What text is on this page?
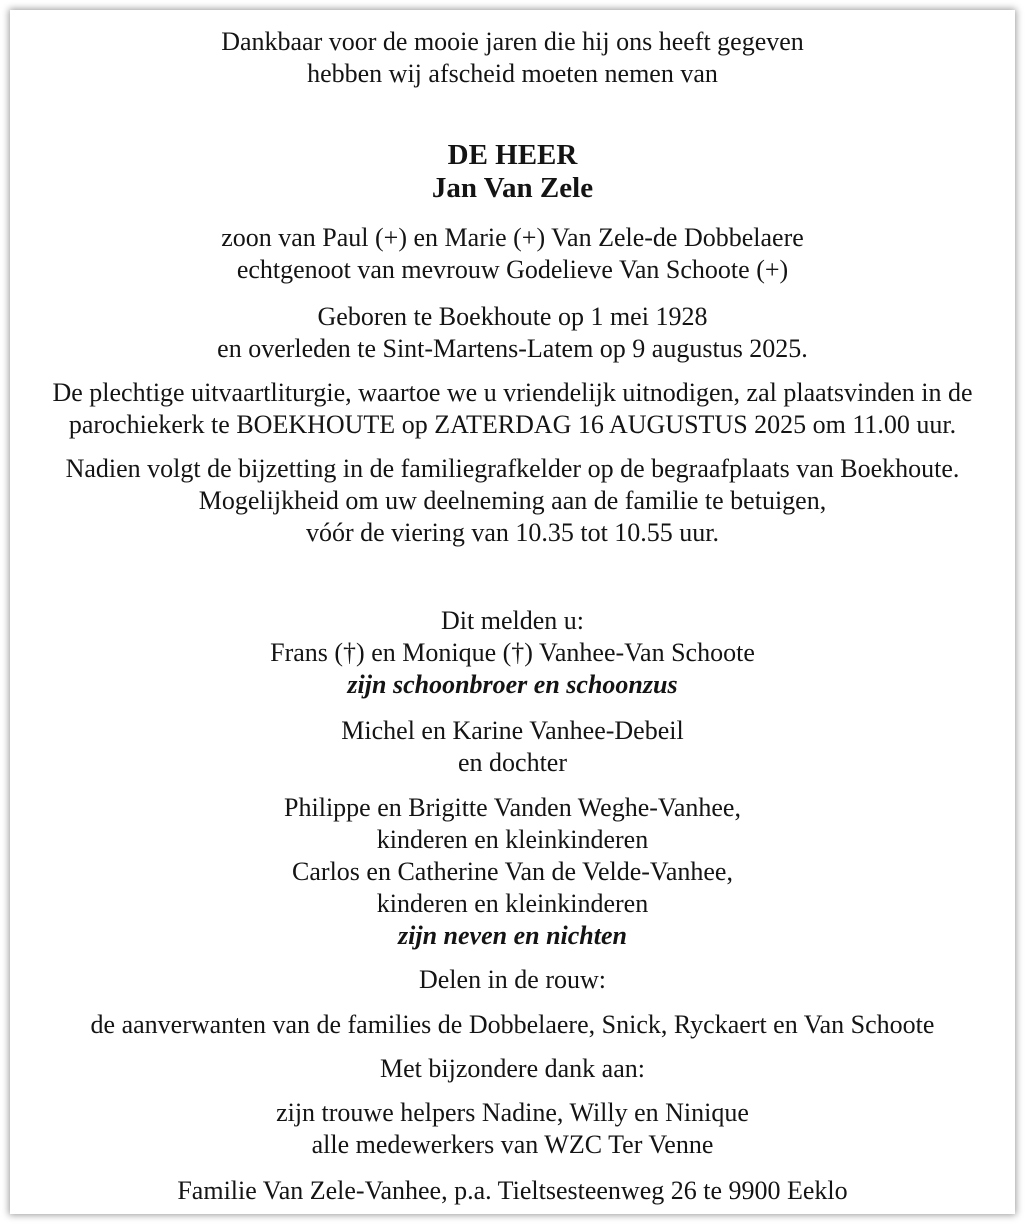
Dankbaar voor de mooie jaren die hij ons heeft gegeven
hebben wij afscheid moeten nemen van
DE HEER
Jan Van Zele
zoon van Paul (+) en Marie (+) Van Zele-de Dobbelaere
echtgenoot van mevrouw Godelieve Van Schoote (+)
Geboren te Boekhoute op 1 mei 1928
en overleden te Sint-Martens-Latem op 9 augustus 2025.
De plechtige uitvaartliturgie, waartoe we u vriendelijk uitnodigen, zal plaatsvinden in de
parochiekerk te BOEKHOUTE op ZATERDAG 16 AUGUSTUS 2025 om 11.00 uur.
Nadien volgt de bijzetting in de familiegrafkelder op de begraafplaats van Boekhoute.
Mogelijkheid om uw deelneming aan de familie te betuigen,
vóór de viering van 10.35 tot 10.55 uur.
Dit melden u:
Frans (†) en Monique (†) Vanhee-Van Schoote
zijn schoonbroer en schoonzus
Michel en Karine Vanhee-Debeil
en dochter
Philippe en Brigitte Vanden Weghe-Vanhee,
kinderen en kleinkinderen
Carlos en Catherine Van de Velde-Vanhee,
kinderen en kleinkinderen
zijn neven en nichten
Delen in de rouw:
de aanverwanten van de families de Dobbelaere, Snick, Ryckaert en Van Schoote
Met bijzondere dank aan:
zijn trouwe helpers Nadine, Willy en Ninique
alle medewerkers van WZC Ter Venne
Familie Van Zele-Vanhee, p.a. Tieltsesteenweg 26 te 9900 Eeklo
